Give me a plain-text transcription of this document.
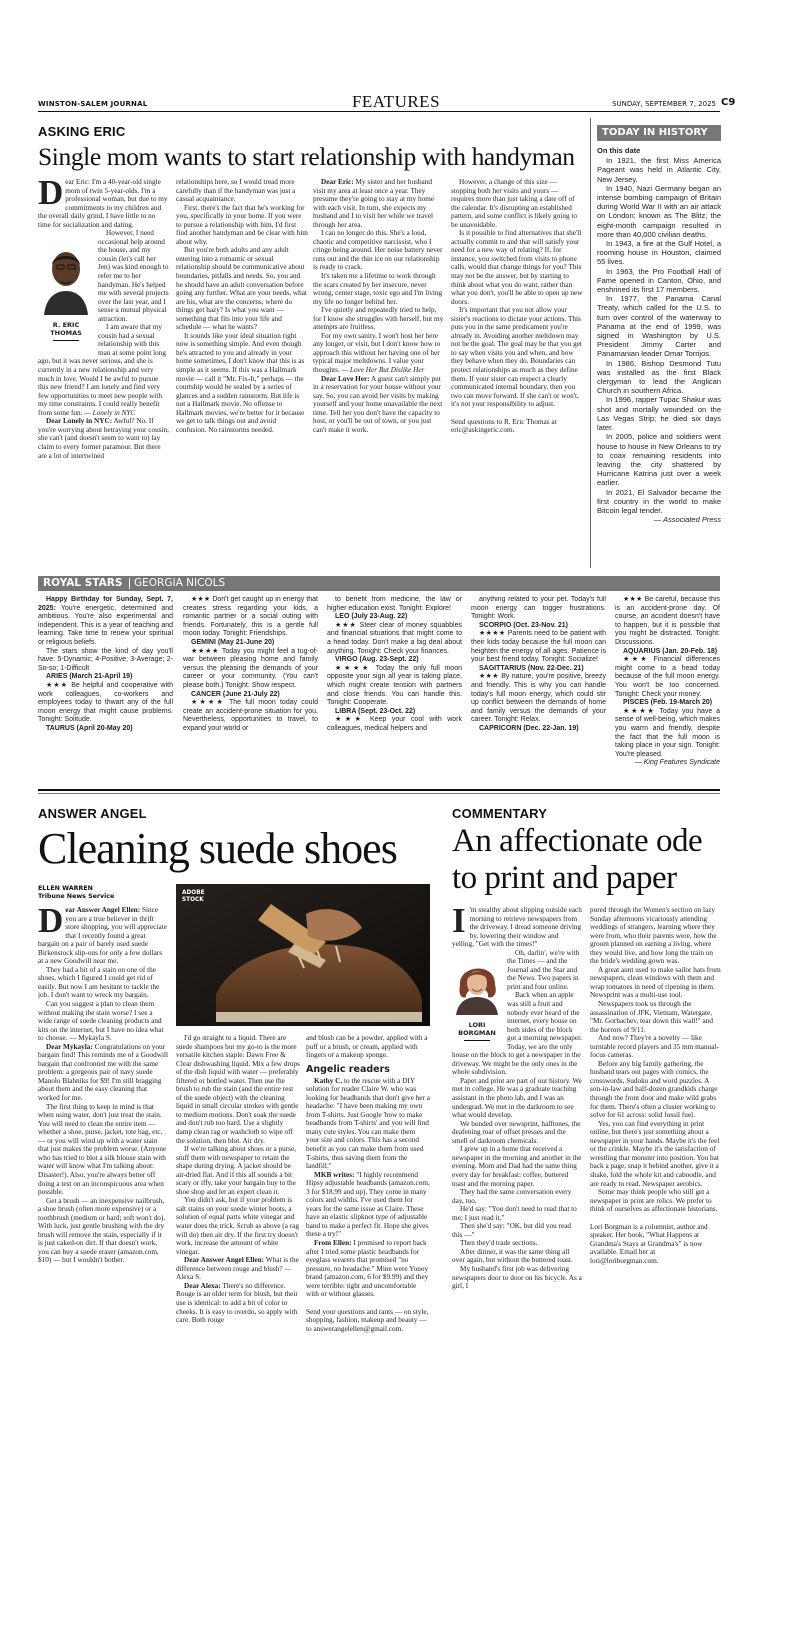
WINSTON-SALEM JOURNAL	FEATURES	SUNDAY, SEPTEMBER 7, 2025 C9
ASKING ERIC
Single mom wants to start relationship with handyman

Dear Eric: I'm a 40-year-old single mom of twin 5-year-olds. I'm a professional woman, but due to my commitments to my children and the overall daily grind, I have little to no time for socialization and dating.

R. ERIC
THOMAS

However, I need occasional help around the house, and my cousin (let's call her Jen) was kind enough to refer me to her handyman. He's helped me with several projects over the last year, and I sense a mutual physical attraction.

I am aware that my cousin had a sexual relationship with this man at some point long ago, but it was never serious, and she is currently in a new relationship and very much in love. Would I be awful to pursue this new friend? I am lonely and find very few opportunities to meet new people with my time constraints. I could really benefit from some fun. — Lonely in NYC

Dear Lonely in NYC: Awful? No. If you're worrying about betraying your cousin, she can't (and doesn't seem to want to) lay claim to every former paramour. But there are a lot of intertwined

relationships here, so I would tread more carefully than if the handyman was just a casual acquaintance.

First, there's the fact that he's working for you, specifically in your home. If you were to pursue a relationship with him, I'd first find another handyman and be clear with him about why.

But you're both adults and any adult entering into a romantic or sexual relationship should be communicative about boundaries, pitfalls and needs. So, you and he should have an adult conversation before going any further. What are your needs, what are his, what are the concerns, where do things get hazy? Is what you want — something that fits into your life and schedule — what he wants?

It sounds like your ideal situation right now is something simple. And even though he's attracted to you and already in your home sometimes, I don't know that this is as simple as it seems. If this was a Hallmark movie — call it "Mr. Fix-It," perhaps — the courtship would be sealed by a series of glances and a sudden rainstorm. But life is not a Hallmark movie. No offense to Hallmark movies, we're better for it because we get to talk things out and avoid confusion. No rainstorms needed.

Dear Eric: My sister and her husband visit my area at least once a year. They presume they're going to stay at my home with each visit. In turn, she expects my husband and I to visit her while we travel through her area.

I can no longer do this. She's a loud, chaotic and competitive narcissist, who I cringe being around. Her noise battery never runs out and the thin ice on our relationship is ready to crack.

It's taken me a lifetime to work through the scars created by her insecure, never wrong, center stage, toxic ego and I'm living my life no longer behind her.

I've quietly and repeatedly tried to help, for I know she struggles with herself, but my attempts are fruitless.

For my own sanity, I won't host her here any longer, or visit, but I don't know how to approach this without her having one of her typical major meltdowns. I value your thoughts. — Love Her But Dislike Her

Dear Love Her: A guest can't simply put in a reservation for your house without your say. So, you can avoid her visits by making yourself and your home unavailable the next time. Tell her you don't have the capacity to host, or you'll be out of town, or you just can't make it work.

However, a change of this size — stopping both her visits and yours — requires more than just taking a date off of the calendar. It's disrupting an established pattern, and some conflict is likely going to be unavoidable.

Is it possible to find alternatives that she'll actually commit to and that will satisfy your need for a new way of relating? If, for instance, you switched from visits to phone calls, would that change things for you? This may not be the answer, but by starting to think about what you do want, rather than what you don't, you'll be able to open up new doors.

It's important that you not allow your sister's reactions to dictate your actions. This puts you in the same predicament you're already in. Avoiding another meltdown may not be the goal. The goal may be that you get to say when visits you and when, and how they behave when they do. Boundaries can protect relationships as much as they define them. If your sister can respect a clearly communicated internal boundary, then you two can move forward. If she can't or won't, it's not your responsibility to adjust.

Send questions to R. Eric Thomas at eric@askingeric.com.

TODAY IN HISTORY
On this date

In 1921, the first Miss America Pageant was held in Atlantic City, New Jersey.

In 1940, Nazi Germany began an intense bombing campaign of Britain during World War II with an air attack on London; known as The Blitz, the eight-month campaign resulted in more than 40,000 civilian deaths.

In 1943, a fire at the Gulf Hotel, a rooming house in Houston, claimed 55 lives.

In 1963, the Pro Football Hall of Fame opened in Canton, Ohio, and enshrined its first 17 members.

In 1977, the Panama Canal Treaty, which called for the U.S. to turn over control of the waterway to Panama at the end of 1999, was signed in Washington by U.S. President Jimmy Carter and Panamanian leader Omar Torrijos.

In 1986, Bishop Desmond Tutu was installed as the first Black clergyman to lead the Anglican Church in southern Africa.

In 1996, rapper Tupac Shakur was shot and mortally wounded on the Las Vegas Strip; he died six days later.

In 2005, police and soldiers went house to house in New Orleans to try to coax remaining residents into leaving the city shattered by Hurricane Katrina just over a week earlier.

In 2021, El Salvador became the first country in the world to make Bitcoin legal tender.

— Associated Press
ROYAL STARS GEORGIA NICOLS

Happy Birthday for Sunday, Sept. 7, 2025: You're energetic, determined and ambitious. You're also experimental and independent. This is a year of teaching and learning. Take time to renew your spiritual or religious beliefs.

The stars show the kind of day you'll have: 5-Dynamic; 4-Positive; 3-Average; 2-So-so; 1-Difficult

ARIES (March 21-April 19)

★★★ Be helpful and cooperative with work colleagues, co-workers and employees today to thwart any of the full moon energy that might cause problems. Tonight: Solitude.

TAURUS (April 20-May 20)

★★★ Don't get caught up in energy that creates stress regarding your kids, a romantic partner or a social outing with friends. Fortunately, this is a gentle full moon today. Tonight: Friendships.

GEMINI (May 21-June 20)

★★★★ Today you might feel a tug-of-war between pleasing home and family versus the pleasing the demands of your career or your community. (You can't please both.) Tonight: Show respect.

CANCER (June 21-July 22)

★★★★ The full moon today could create an accident-prone situation for you. Nevertheless, opportunities to travel, to expand your world or

to benefit from medicine, the law or higher education exist. Tonight: Explore!

LEO (July 23-Aug. 22)

★★★ Steer clear of money squabbles and financial situations that might come to a head today. Don't make a big deal about anything. Tonight: Check your finances.

VIRGO (Aug. 23-Sept. 22)

★★★★ Today the only full moon opposite your sign all year is taking place, which might create tension with partners and close friends. You can handle this. Tonight: Cooperate.

LIBRA (Sept. 23-Oct. 22)

★★★ Keep your cool with work colleagues, medical helpers and

anything related to your pet. Today's full moon energy can trigger frustrations. Tonight: Work.

SCORPIO (Oct. 23-Nov. 21)

★★★★ Parents need to be patient with their kids today because the full moon can heighten the energy of all ages. Patience is your best friend today. Tonight: Socialize!

SAGITTARIUS (Nov. 22-Dec. 21)

★★★ By nature, you're positive, breezy and friendly. This is why you can handle today's full moon energy, which could stir up conflict between the demands of home and family versus the demands of your career. Tonight: Relax.

CAPRICORN (Dec. 22-Jan. 19)

★★★ Be careful, because this is an accident-prone day. Of course, an accident doesn't have to happen, but it is possible that you might be distracted. Tonight: Discussions.

AQUARIUS (Jan. 20-Feb. 18)

★★★ Financial differences might come to a head today because of the full moon energy. You won't be too concerned. Tonight: Check your money.

PISCES (Feb. 19-March 20)

★★★★ Today you have a sense of well-being, which makes you warm and friendly, despite the fact that the full moon is taking place in your sign. Tonight: You're pleased.

— King Features Syndicate
ANSWER ANGEL
Cleaning suede shoes
ELLEN WARREN
Tribune News Service	ADOBE
STOCK

Dear Answer Angel Ellen: Since you are a true believer in thrift store shopping, you will appreciate that I recently found a great bargain on a pair of barely used suede Birkenstock slip-ons for only a few dollars at a new Goodwill near me.

They had a bit of a stain on one of the shoes, which I figured I could get rid of easily. But now I am hesitant to tackle the job. I don't want to wreck my bargain.

Can you suggest a plan to clean them without making the stain worse? I see a wide range of suede cleaning products and kits on the internet, but I have no idea what to choose. — Mykayla S.

Dear Mykayla: Congratulations on your bargain find! This reminds me of a Goodwill bargain that confronted me with the same problem: a gorgeous pair of navy suede Manolo Blahniks for $9! I'm still bragging about them and the easy cleaning that worked for me.

The first thing to keep in mind is that when using water, don't just treat the stain. You will need to clean the entire item — whether a shoe, purse, jacket, tote bag, etc. — or you will wind up with a water stain that just makes the problem worse. (Anyone who has tried to blot a silk blouse stain with water will know what I'm talking about: Disaster!). Also, you're always better off doing a test on an inconspicuous area when possible.

Get a brush — an inexpensive nailbrush, a shoe brush (often more expensive) or a toothbrush (medium or hard; soft won't do). With luck, just gentle brushing with the dry brush will remove the stain, especially if it is just caked-on dirt. If that doesn't work, you can buy a suede eraser (amazon.com, $10) — but I wouldn't bother.

I'd go straight to a liquid. There are suede shampoos but my go-to is the more versatile kitchen staple: Dawn Free & Clear dishwashing liquid. Mix a few drops of the dish liquid with water — preferably filtered or bottled water. Then use the brush to rub the stain (and the entire rest of the suede object) with the cleaning liquid in small circular strokes with gentle to medium motions. Don't soak the suede and don't rub too hard. Use a slightly damp clean rag or washcloth to wipe off the solution, then blot. Air dry.

If we're talking about shoes or a purse, stuff them with newspaper to retain the shape during drying. A jacket should be air-dried flat. And if this all sounds a bit scary or iffy, take your bargain buy to the shoe shop and let an expert clean it.

You didn't ask, but if your problem is salt stains on your suede winter boots, a solution of equal parts white vinegar and water does the trick. Scrub as above (a rag will do) then air dry. If the first try doesn't work, increase the amount of white vinegar.

Dear Answer Angel Ellen: What is the difference between rouge and blush? — Alexa S.

Dear Alexa: There's no difference. Rouge is an older term for blush, but their use is identical: to add a bit of color to cheeks. It is easy to overdo, so apply with care. Both rouge

and blush can be a powder, applied with a puff or a brush, or cream, applied with fingers or a makeup sponge.

Angelic readers

Kathy C. to the rescue with a DIY solution for reader Claire W. who was looking for headbands that don't give her a headache: "I have been making my own from T-shirts. Just Google 'how to make headbands from T-shirts' and you will find many cute styles. You can make them your size and colors. This has a second benefit as you can make them from used T-shirts, thus saving them from the landfill."

MKB writes: "I highly recommend Hipsy adjustable headbands (amazon.com, 3 for $18.99 and up). They come in many colors and widths. I've used them for years for the same issue as Claire. These have an elastic slipknot type of adjustable band to make a perfect fit. Hope she gives these a try!"

From Ellen: I promised to report back after I tried some plastic headbands for eyeglass wearers that promised "no pressure, no headache." Mine were Yonoy brand (amazon.com, 6 for $9.99) and they were terrible: tight and uncomfortable with or without glasses.

Send your questions and rants — on style, shopping, fashion, makeup and beauty — to answerangelellen@gmail.com.

COMMENTARY
An affectionate ode
to print and paper

I 'm stealthy about slipping outside each morning to retrieve newspapers from the driveway. I dread someone driving by, lowering their window and yelling, "Get with the times!"

LORI
BORGMAN

Oh, darlin', we're with the Times — and the Journal and the Star and the News. Two papers in print and four online.

Back when an apple was still a fruit and nobody ever heard of the internet, every house on both sides of the block got a morning newspaper. Today, we are the only house on the block to get a newspaper in the driveway. We might be the only ones in the whole subdivision.

Paper and print are part of our history. We met in college. He was a graduate teaching assistant in the photo lab, and I was an undergrad. We met in the darkroom to see what would develop.

We bonded over newsprint, halftones, the deafening roar of offset presses and the smell of darkroom chemicals.

I grew up in a home that received a newspaper in the morning and another in the evening. Mom and Dad had the same thing every day for breakfast: coffee, buttered toast and the morning paper.

They had the same conversation every day, too.

He'd say: "You don't need to read that to me; I just read it."

Then she'd say: "OK, but did you read this —"

Then they'd trade sections.

After dinner, it was the same thing all over again, but without the buttered toast.

My husband's first job was delivering newspapers door to door on his bicycle. As a girl, I

pored through the Women's section on lazy Sunday afternoons vicariously attending weddings of strangers, learning where they were from, who their parents were, how the groom planned on earning a living, where they would live, and how long the train on the bride's wedding gown was.

A great aunt used to make sailor hats from newspapers, clean windows with them and wrap tomatoes in need of ripening in them. Newsprint was a multi-use tool.

Newspapers took us through the assassination of JFK, Vietnam, Watergate, "Mr. Gorbachev, tear down this wall!" and the horrors of 9/11.

And now? They're a novelty — like turntable record players and 35 mm manual-focus cameras.

Before any big family gathering, the husband tears out pages with comics, the crosswords, Sudoku and word puzzles. A son-in-law and half-dozen grandkids charge through the front door and make wild grabs for them. There's often a cluster working to solve for 61 across: solid fossil fuel.

Yes, you can find everything in print online, but there's just something about a newspaper in your hands. Maybe it's the feel or the crinkle. Maybe it's the satisfaction of wrestling that monster into position. You bat back a page, snap it behind another, give it a shake, fold the whole kit and caboodle, and are ready to read. Newspaper aerobics.

Some may think people who still get a newspaper in print are relics. We prefer to think of ourselves as affectionate historians.

Lori Borgman is a columnist, author and speaker. Her book, "What Happens at Grandma's Stays at Grandma's" is now available. Email her at lori@loriborgman.com.
